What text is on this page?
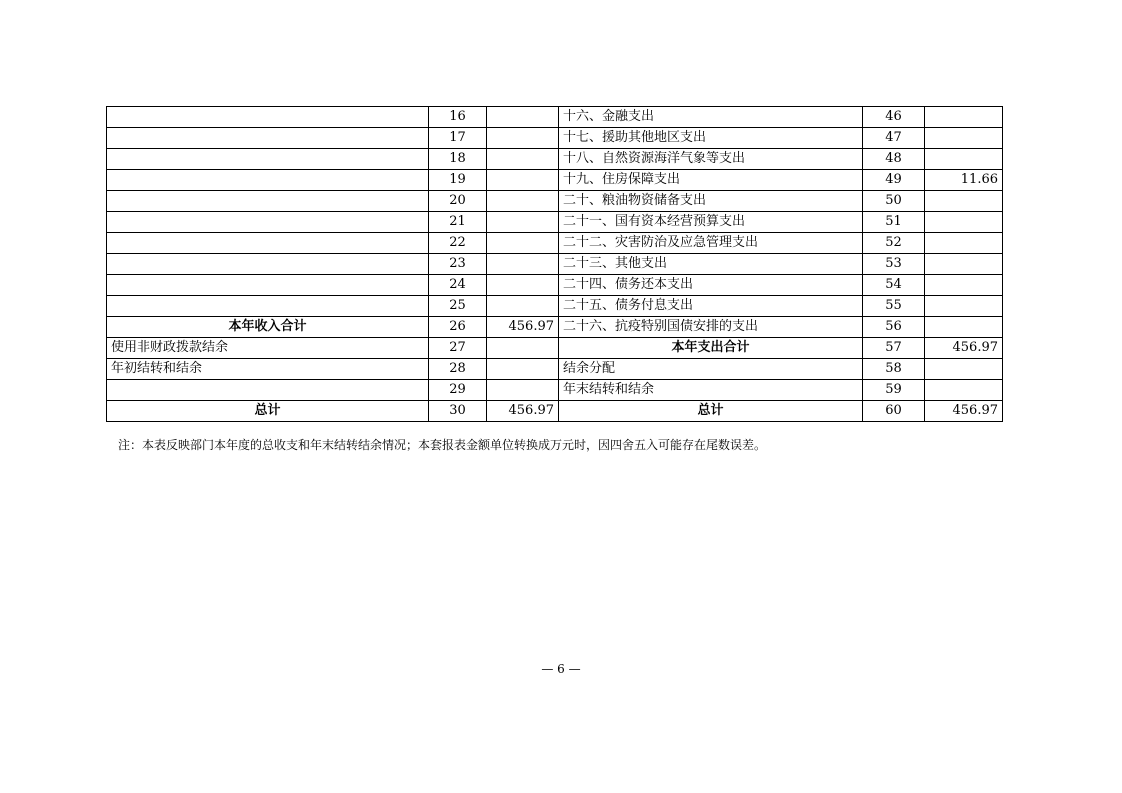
	16		十六、金融支出	46	
	17		十七、援助其他地区支出	47	
	18		十八、自然资源海洋气象等支出	48	
	19		十九、住房保障支出	49	11.66
	20		二十、粮油物资储备支出	50	
	21		二十一、国有资本经营预算支出	51	
	22		二十二、灾害防治及应急管理支出	52	
	23		二十三、其他支出	53	
	24		二十四、债务还本支出	54	
	25		二十五、债务付息支出	55	
本年收入合计	26	456.97	二十六、抗疫特别国债安排的支出	56	
使用非财政拨款结余	27		本年支出合计	57	456.97
年初结转和结余	28		结余分配	58	
	29		年末结转和结余	59	
总计	30	456.97	总计	60	456.97
注：本表反映部门本年度的总收支和年末结转结余情况；本套报表金额单位转换成万元时，因四舍五入可能存在尾数误差。
— 6 —
